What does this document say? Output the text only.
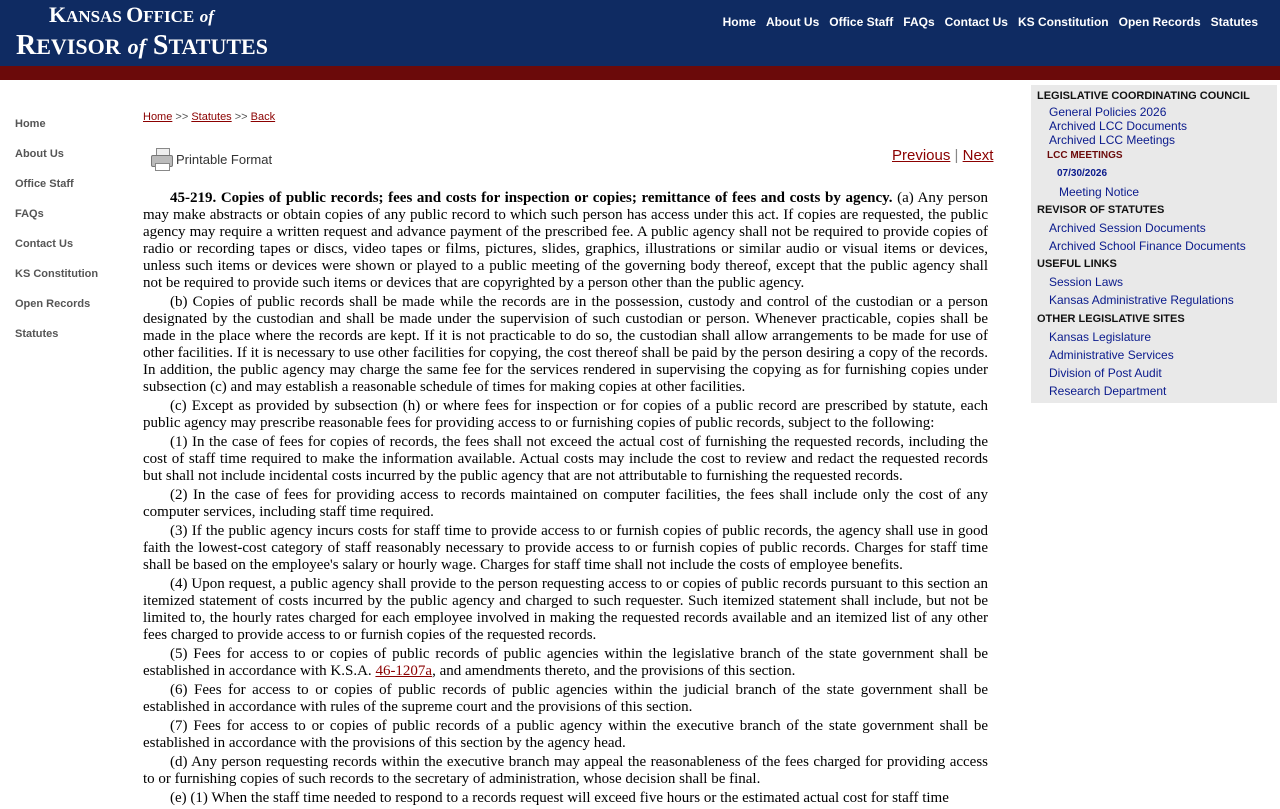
KANSAS OFFICE of
REVISOR of STATUTES
Home About Us Office Staff FAQs Contact Us KS Constitution Open Records Statutes
Home
About Us
Office Staff
FAQs
Contact Us
KS Constitution
Open Records
Statutes
Home >> Statutes >> Back
Printable Format	Previous | Next

45-219. Copies of public records; fees and costs for inspection or copies; remittance of fees and costs by agency. (a) Any person may make abstracts or obtain copies of any public record to which such person has access under this act. If copies are requested, the public agency may require a written request and advance payment of the prescribed fee. A public agency shall not be required to provide copies of radio or recording tapes or discs, video tapes or films, pictures, slides, graphics, illustrations or similar audio or visual items or devices, unless such items or devices were shown or played to a public meeting of the governing body thereof, except that the public agency shall not be required to provide such items or devices that are copyrighted by a person other than the public agency.

(b) Copies of public records shall be made while the records are in the possession, custody and control of the custodian or a person designated by the custodian and shall be made under the supervision of such custodian or person. Whenever practicable, copies shall be made in the place where the records are kept. If it is not practicable to do so, the custodian shall allow arrangements to be made for use of other facilities. If it is necessary to use other facilities for copying, the cost thereof shall be paid by the person desiring a copy of the records. In addition, the public agency may charge the same fee for the services rendered in supervising the copying as for furnishing copies under subsection (c) and may establish a reasonable schedule of times for making copies at other facilities.

(c) Except as provided by subsection (h) or where fees for inspection or for copies of a public record are prescribed by statute, each public agency may prescribe reasonable fees for providing access to or furnishing copies of public records, subject to the following:

(1) In the case of fees for copies of records, the fees shall not exceed the actual cost of furnishing the requested records, including the cost of staff time required to make the information available. Actual costs may include the cost to review and redact the requested records but shall not include incidental costs incurred by the public agency that are not attributable to furnishing the requested records.

(2) In the case of fees for providing access to records maintained on computer facilities, the fees shall include only the cost of any computer services, including staff time required.

(3) If the public agency incurs costs for staff time to provide access to or furnish copies of public records, the agency shall use in good faith the lowest-cost category of staff reasonably necessary to provide access to or furnish copies of public records. Charges for staff time shall be based on the employee's salary or hourly wage. Charges for staff time shall not include the costs of employee benefits.

(4) Upon request, a public agency shall provide to the person requesting access to or copies of public records pursuant to this section an itemized statement of costs incurred by the public agency and charged to such requester. Such itemized statement shall include, but not be limited to, the hourly rates charged for each employee involved in making the requested records available and an itemized list of any other fees charged to provide access to or furnish copies of the requested records.

(5) Fees for access to or copies of public records of public agencies within the legislative branch of the state government shall be established in accordance with K.S.A. 46-1207a, and amendments thereto, and the provisions of this section.

(6) Fees for access to or copies of public records of public agencies within the judicial branch of the state government shall be established in accordance with rules of the supreme court and the provisions of this section.

(7) Fees for access to or copies of public records of a public agency within the executive branch of the state government shall be established in accordance with the provisions of this section by the agency head.

(d) Any person requesting records within the executive branch may appeal the reasonableness of the fees charged for providing access to or furnishing copies of such records to the secretary of administration, whose decision shall be final.

(e) (1) When the staff time needed to respond to a records request will exceed five hours or the estimated actual cost for staff time

LEGISLATIVE COORDINATING COUNCIL
General Policies 2026
Archived LCC Documents
Archived LCC Meetings
LCC MEETINGS
07/30/2026
Meeting Notice
REVISOR OF STATUTES
Archived Session Documents
Archived School Finance Documents
USEFUL LINKS
Session Laws
Kansas Administrative Regulations
OTHER LEGISLATIVE SITES
Kansas Legislature
Administrative Services
Division of Post Audit
Research Department
